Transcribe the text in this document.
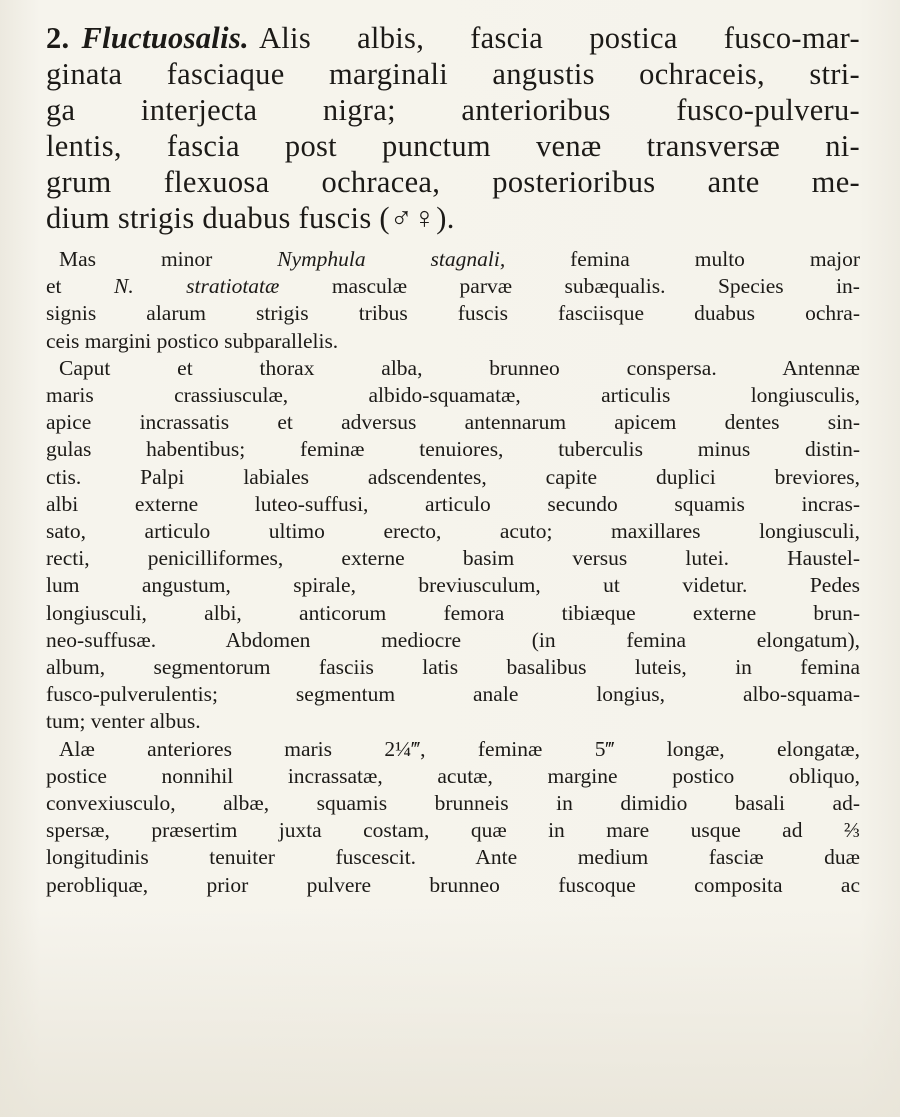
2. Fluctuosalis. Alis albis, fascia postica fusco-mar-
ginata fasciaque marginali angustis ochraceis, stri-
ga interjecta nigra; anterioribus fusco-pulveru-
lentis, fascia post punctum venæ transversæ ni-
grum flexuosa ochracea, posterioribus ante me-
dium strigis duabus fuscis (♂♀).
Mas minor Nymphula stagnali, femina multo major
et N. stratiotatæ masculæ parvæ subæqualis. Species in-
signis alarum strigis tribus fuscis fasciisque duabus ochra-
ceis margini postico subparallelis.
Caput et thorax alba, brunneo conspersa. Antennæ
maris crassiusculæ, albido-squamatæ, articulis longiusculis,
apice incrassatis et adversus antennarum apicem dentes sin-
gulas habentibus; feminæ tenuiores, tuberculis minus distin-
ctis. Palpi labiales adscendentes, capite duplici breviores,
albi externe luteo-suffusi, articulo secundo squamis incras-
sato, articulo ultimo erecto, acuto; maxillares longiusculi,
recti, penicilliformes, externe basim versus lutei. Haustel-
lum angustum, spirale, breviusculum, ut videtur. Pedes
longiusculi, albi, anticorum femora tibiæque externe brun-
neo-suffusæ. Abdomen mediocre (in femina elongatum),
album, segmentorum fasciis latis basalibus luteis, in femina
fusco-pulverulentis; segmentum anale longius, albo-squama-
tum; venter albus.
Alæ anteriores maris 2¼‴, feminæ 5‴ longæ, elongatæ,
postice nonnihil incrassatæ, acutæ, margine postico obliquo,
convexiusculo, albæ, squamis brunneis in dimidio basali ad-
spersæ, præsertim juxta costam, quæ in mare usque ad ⅔
longitudinis tenuiter fuscescit. Ante medium fasciæ duæ
perobliquæ, prior pulvere brunneo fuscoque composita ac
